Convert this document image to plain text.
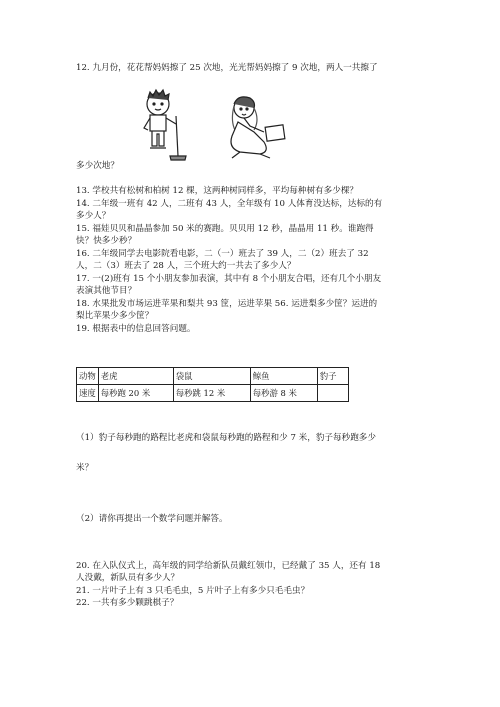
12. 九月份，花花帮妈妈擦了 25 次地，光光帮妈妈擦了 9 次地，两人一共擦了
多少次地？
13. 学校共有松树和柏树 12 棵，这两种树同样多，平均每种树有多少棵？
14. 二年级一班有 42 人，二班有 43 人，全年级有 10 人体育没达标，达标的有
多少人？
15. 福娃贝贝和晶晶参加 50 米的赛跑。贝贝用 12 秒，晶晶用 11 秒。谁跑得
快？快多少秒？
16. 二年级同学去电影院看电影，二（一）班去了 39 人，二（2）班去了 32
人，二（3）班去了 28 人，三个班大约一共去了多少人？
17. 一(2)班有 15 个小朋友参加表演，其中有 8 个小朋友合唱，还有几个小朋友
表演其他节目？
18. 水果批发市场运进苹果和梨共 93 筐，运进苹果 56. 运进梨多少筐？运进的
梨比苹果少多少筐？
19. 根据表中的信息回答问题。
动物	老虎	袋鼠	鲸鱼	豹子
速度	每秒跑 20 米	每秒跳 12 米	每秒游 8 米	
（1）豹子每秒跑的路程比老虎和袋鼠每秒跑的路程和少 7 米，豹子每秒跑多少
米？
（2）请你再提出一个数学问题并解答。
20. 在入队仪式上，高年级的同学给新队员戴红领巾，已经戴了 35 人，还有 18
人没戴，新队员有多少人？
21. 一片叶子上有 3 只毛毛虫，5 片叶子上有多少只毛毛虫？
22. 一共有多少颗跳棋子？
